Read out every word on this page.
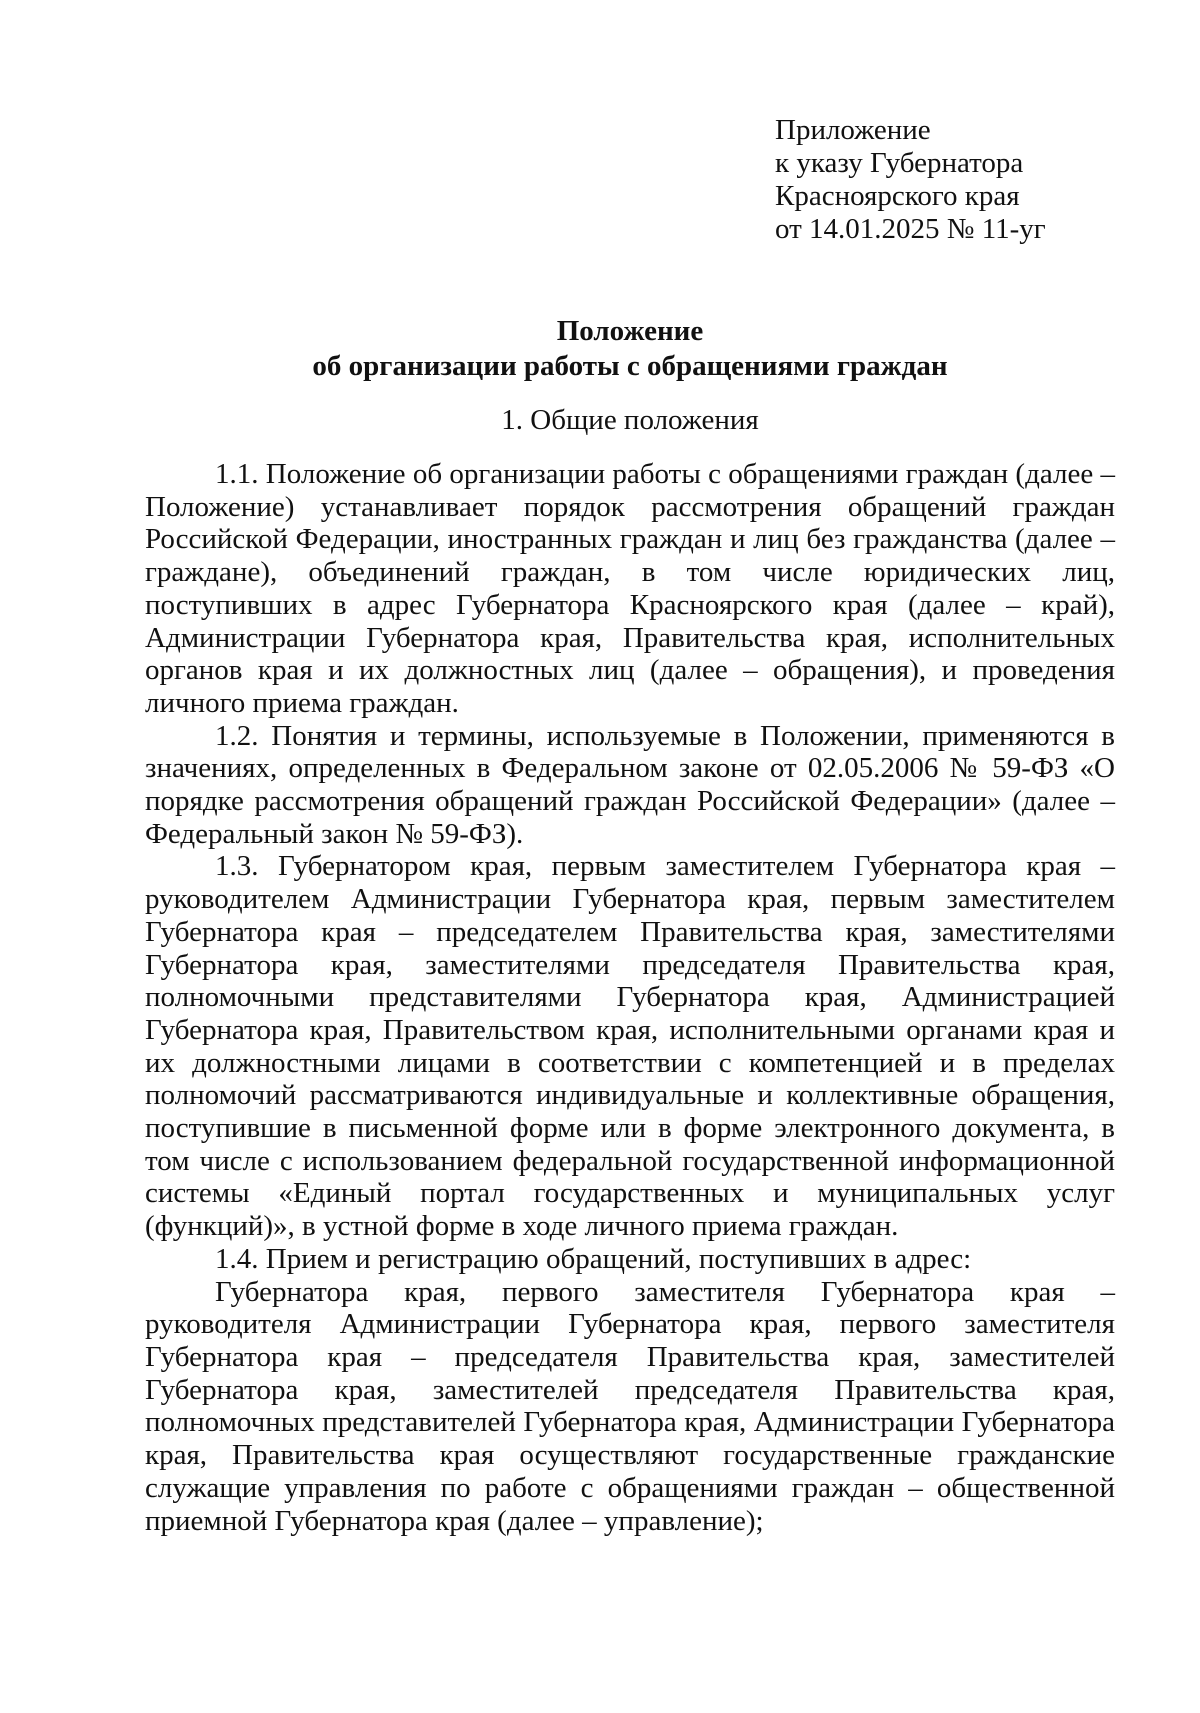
Приложение
к указу Губернатора
Красноярского края
от 14.01.2025 № 11-уг
Положение
об организации работы с обращениями граждан
1. Общие положения

1.1. Положение об организации работы с обращениями граждан (далее – Положение) устанавливает порядок рассмотрения обращений граждан Российской Федерации, иностранных граждан и лиц без гражданства (далее – граждане), объединений граждан, в том числе юридических лиц, поступивших в адрес Губернатора Красноярского края (далее – край), Администрации Губернатора края, Правительства края, исполнительных органов края и их должностных лиц (далее – обращения), и проведения личного приема граждан.

1.2. Понятия и термины, используемые в Положении, применяются в значениях, определенных в Федеральном законе от 02.05.2006 № 59-ФЗ «О порядке рассмотрения обращений граждан Российской Федерации» (далее – Федеральный закон № 59-ФЗ).

1.3. Губернатором края, первым заместителем Губернатора края – руководителем Администрации Губернатора края, первым заместителем Губернатора края – председателем Правительства края, заместителями Губернатора края, заместителями председателя Правительства края, полномочными представителями Губернатора края, Администрацией Губернатора края, Правительством края, исполнительными органами края и их должностными лицами в соответствии с компетенцией и в пределах полномочий рассматриваются индивидуальные и коллективные обращения, поступившие в письменной форме или в форме электронного документа, в том числе с использованием федеральной государственной информационной системы «Единый портал государственных и муниципальных услуг (функций)», в устной форме в ходе личного приема граждан.

1.4. Прием и регистрацию обращений, поступивших в адрес:

Губернатора края, первого заместителя Губернатора края – руководителя Администрации Губернатора края, первого заместителя Губернатора края – председателя Правительства края, заместителей Губернатора края, заместителей председателя Правительства края, полномочных представителей Губернатора края, Администрации Губернатора края, Правительства края осуществляют государственные гражданские служащие управления по работе с обращениями граждан – общественной приемной Губернатора края (далее – управление);
